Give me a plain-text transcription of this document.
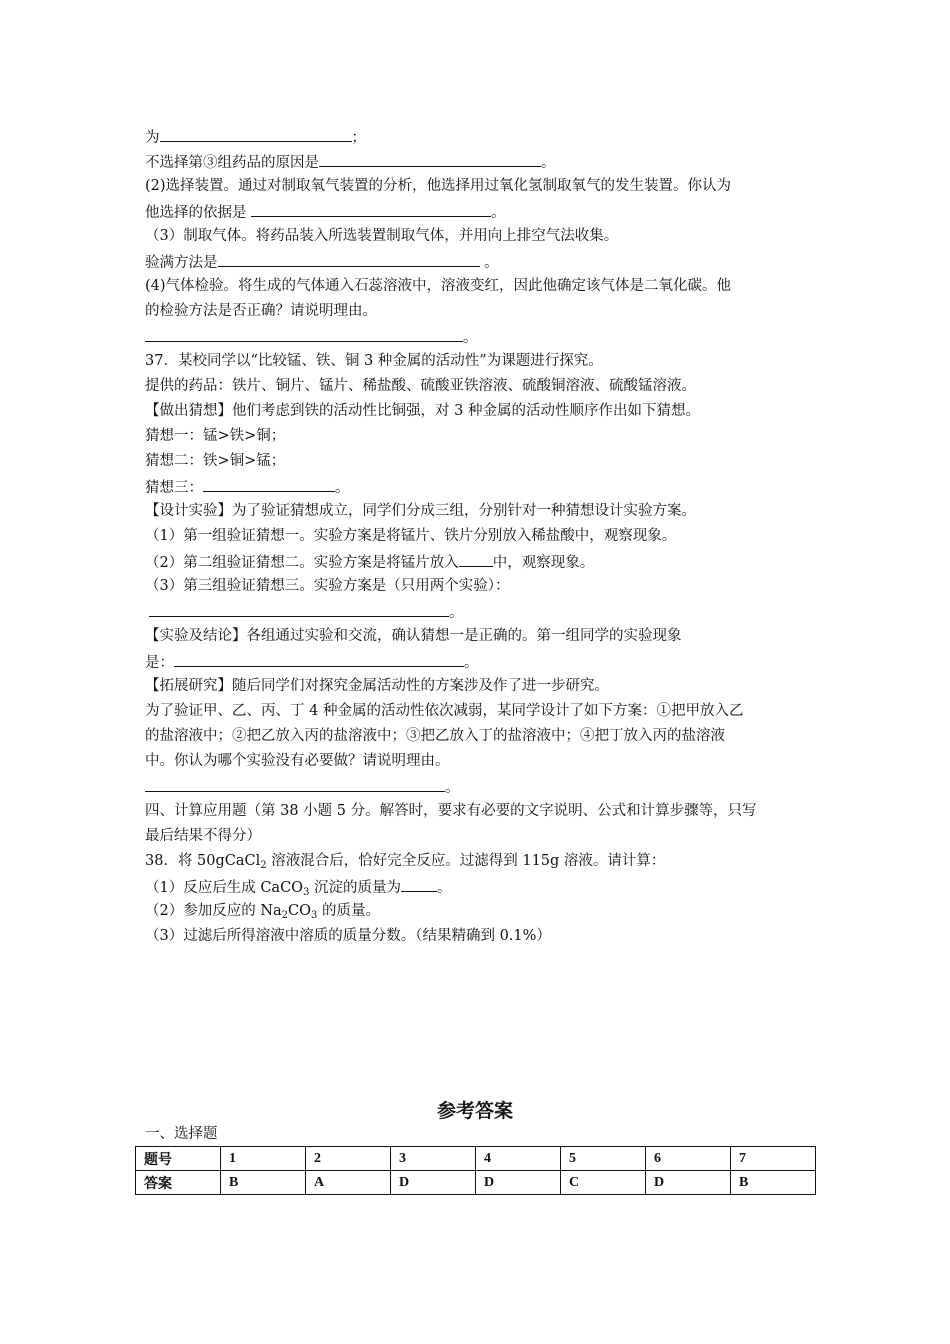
为	；
不选择第③组药品的原因是	。
(2)选择装置。通过对制取氧气装置的分析，他选择用过氧化氢制取氧气的发生装置。你认为
他选择的依据是	。
（3）制取气体。将药品装入所选装置制取气体，并用向上排空气法收集。
验满方法是	。
(4)气体检验。将生成的气体通入石蕊溶液中，溶液变红，因此他确定该气体是二氧化碳。他
的检验方法是否正确？请说明理由。
。
37．某校同学以“比较锰、铁、铜 3 种金属的活动性”为课题进行探究。
提供的药品：铁片、铜片、锰片、稀盐酸、硫酸亚铁溶液、硫酸铜溶液、硫酸锰溶液。
【做出猜想】他们考虑到铁的活动性比铜强，对 3 种金属的活动性顺序作出如下猜想。
猜想一：锰>铁>铜；
猜想二：铁>铜>锰；
猜想三：	。
【设计实验】为了验证猜想成立，同学们分成三组，分别针对一种猜想设计实验方案。
（1）第一组验证猜想一。实验方案是将锰片、铁片分别放入稀盐酸中，观察现象。
（2）第二组验证猜想二。实验方案是将锰片放入 中，观察现象。
（3）第三组验证猜想三。实验方案是（只用两个实验）：
。
【实验及结论】各组通过实验和交流，确认猜想一是正确的。第一组同学的实验现象
是：	。
【拓展研究】随后同学们对探究金属活动性的方案涉及作了进一步研究。
为了验证甲、乙、丙、丁 4 种金属的活动性依次减弱，某同学设计了如下方案：①把甲放入乙
的盐溶液中；②把乙放入丙的盐溶液中；③把乙放入丁的盐溶液中；④把丁放入丙的盐溶液
中。你认为哪个实验没有必要做？请说明理由。
。
四、计算应用题（第 38 小题 5 分。解答时，要求有必要的文字说明、公式和计算步骤等，只写
最后结果不得分）
38．将 50gCaCl$_2$ 溶液混合后，恰好完全反应。过滤得到 115g 溶液。请计算：
（1）反应后生成 CaCO$_3$ 沉淀的质量为 。
（2）参加反应的 $Na_2CO_3$ 的质量。
（3）过滤后所得溶液中溶质的质量分数。（结果精确到 0.1%）
参考答案
一、选择题
题号	1	2	3	4	5	6	7
答案	B	A	D	D	C	D	B
